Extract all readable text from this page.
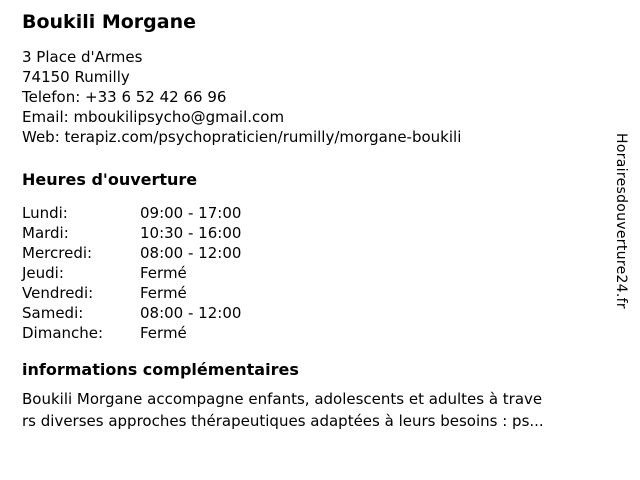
Boukili Morgane
3 Place d'Armes
74150 Rumilly
Telefon: +33 6 52 42 66 96
Email: mboukilipsycho@gmail.com
Web: terapiz.com/psychopraticien/rumilly/morgane-boukili
Heures d'ouverture
Lundi:	09:00 - 17:00
Mardi:	10:30 - 16:00
Mercredi:	08:00 - 12:00
Jeudi:	Fermé
Vendredi:	Fermé
Samedi:	08:00 - 12:00
Dimanche: Fermé
informations complémentaires
Boukili Morgane accompagne enfants, adolescents et adultes à trave
rs diverses approches thérapeutiques adaptées à leurs besoins : ps...
Horairesdouverture24.fr
